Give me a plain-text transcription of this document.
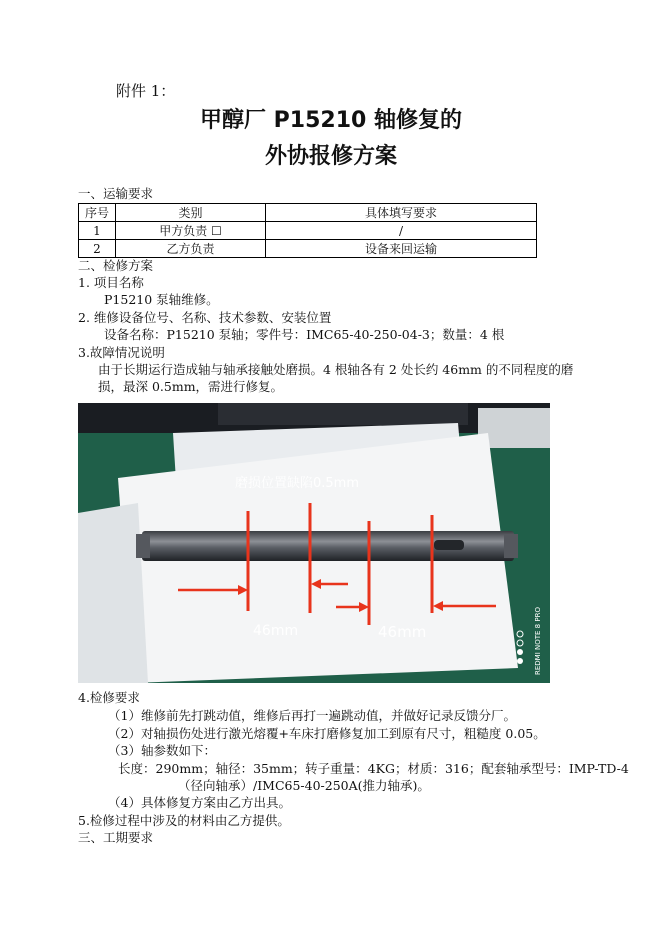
附件 1：
甲醇厂 P15210 轴修复的
外协报修方案
一、运输要求
序号	类别	具体填写要求
1	甲方负责 ☐	/
2	乙方负责	设备来回运输
二、检修方案
1. 项目名称
P15210 泵轴维修。
2. 维修设备位号、名称、技术参数、安装位置
设备名称：P15210 泵轴；零件号：IMC65-40-250-04-3；数量：4 根
3.故障情况说明
由于长期运行造成轴与轴承接触处磨损。4 根轴各有 2 处长约 46mm 的不同程度的磨
损，最深 0.5mm，需进行修复。
磨损位置缺陷0.5mm
46mm	46mm	REDMI NOTE 8 PRO
4.检修要求
（1）维修前先打跳动值，维修后再打一遍跳动值，并做好记录反馈分厂。
（2）对轴损伤处进行激光熔覆+车床打磨修复加工到原有尺寸，粗糙度 0.05。
（3）轴参数如下：
长度：290mm；轴径：35mm；转子重量：4KG；材质：316；配套轴承型号：IMP-TD-4
（径向轴承）/IMC65-40-250A(推力轴承)。
（4）具体修复方案由乙方出具。
5.检修过程中涉及的材料由乙方提供。
三、工期要求
